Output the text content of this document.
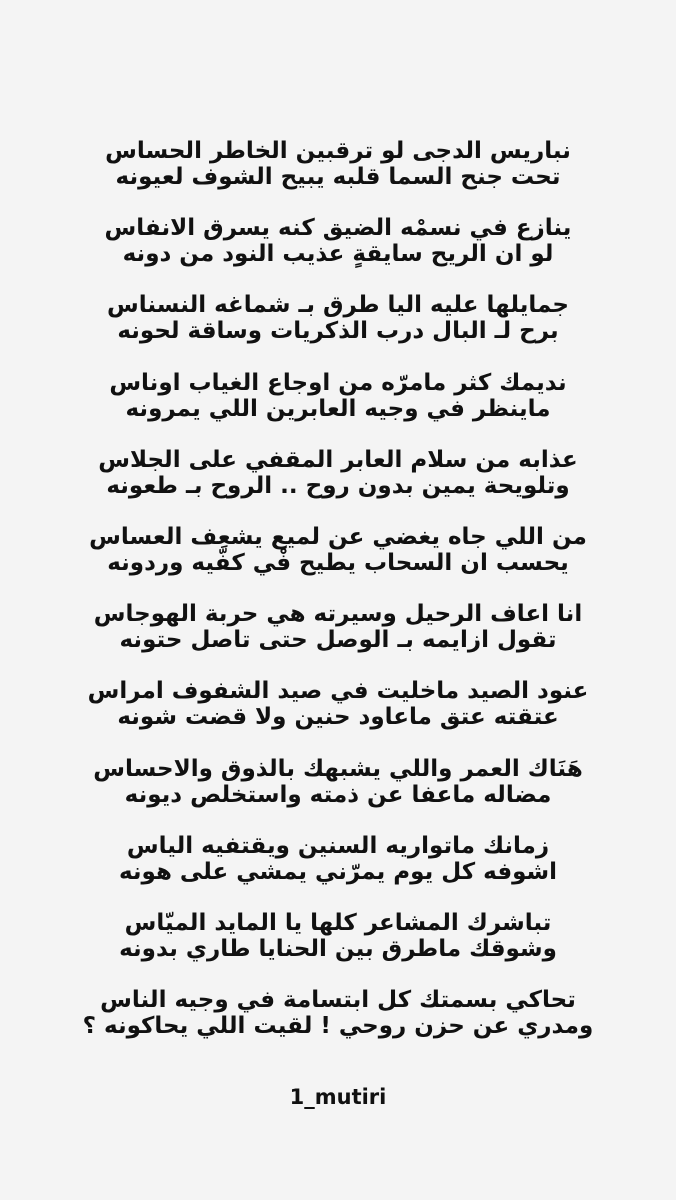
نباريس الدجى لو ترقبين الخاطر الحساس
تحت جنح السما قلبه يبيح الشوف لعيونه
ينازع في نسمْه الضيق كنه يسرق الانفاس
لو ان الريح سايقةٍ عذيب النود من دونه
جمايلها عليه اليا طرق بـ شماغه النسناس
برح لـ البال درب الذكريات وساقة لحونه
نديمك كثر مامرّه من اوجاع الغياب اوناس
ماينظر في وجيه العابرين اللي يمرونه
عذابه من سلام العابر المقفي على الجلاس
وتلويحة يمين بدون روح .. الروح بـ طعونه
من اللي جاه يغضي عن لميع يشعِف العساس
يحسب ان السحاب يطيح فْي كفّيه وردونه
انا اعاف الرحيل وسيرته هي حربة الهوجاس
تقول ازايمه بـ الوصل حتى تاصل حتونه
عنود الصيد ماخليت في صيد الشفوف امراس
عتقته عتق ماعاود حنين ولا قضت شونه
هَنَاك العمر واللي يشبهك بالذوق والاحساس
مضاله ماعفا عن ذمته واستخلص ديونه
زمانك ماتواريه السنين ويقتفيه الياس
اشوفه كل يوم يمرّني يمشي على هونه
تباشرك المشاعر كلها يا المايد الميّاس
وشوقك ماطرق بين الحنايا طاري بدونه
تحاكي بسمتك كل ابتسامة في وجيه الناس
ومدري عن حزن روحي ! لقيت اللي يحاكونه ؟
1_mutiri
